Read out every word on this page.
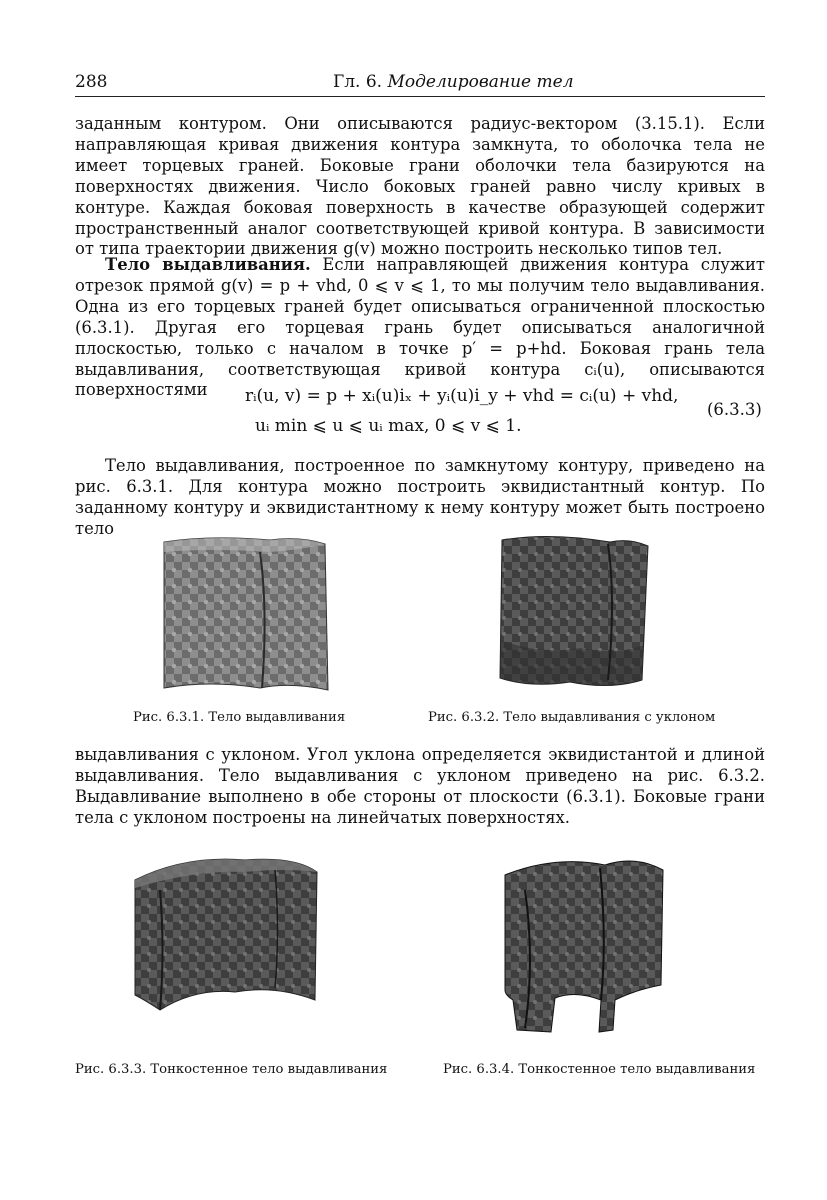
288	Гл. 6. Моделирование тел

заданным контуром. Они описываются радиус-вектором (3.15.1). Если направляющая кривая движения контура замкнута, то оболочка тела не имеет торцевых граней. Боковые грани оболочки тела базируются на поверхностях движения. Число боковых граней равно числу кривых в контуре. Каждая боковая поверхность в качестве образующей содержит пространственный аналог соответствующей кривой контура. В зависимости от типа траектории движения g(v) можно построить несколько типов тел.

Тело выдавливания. Если направляющей движения контура служит отрезок прямой g(v) = p + vhd, 0 ⩽ v ⩽ 1, то мы получим тело выдавливания. Одна из его торцевых граней будет описываться ограниченной плоскостью (6.3.1). Другая его торцевая грань будет описываться аналогичной плоскостью, только с началом в точке p′ = p+hd. Боковая грань тела выдавливания, соответствующая кривой контура cᵢ(u), описываются поверхностями	rᵢ(u, v) = p + xᵢ(u)iₓ + yᵢ(u)i_y + vhd = cᵢ(u) + vhd,
uᵢ min ⩽ u ⩽ uᵢ max, 0 ⩽ v ⩽ 1.
(6.3.3)

Тело выдавливания, построенное по замкнутому контуру, приведено на рис. 6.3.1. Для контура можно построить эквидистантный контур. По заданному контуру и эквидистантному к нему контуру может быть построено тело

Рис. 6.3.1. Тело выдавливания	Рис. 6.3.2. Тело выдавливания с уклоном

выдавливания с уклоном. Угол уклона определяется эквидистантой и длиной выдавливания. Тело выдавливания с уклоном приведено на рис. 6.3.2. Выдавливание выполнено в обе стороны от плоскости (6.3.1). Боковые грани тела с уклоном построены на линейчатых поверхностях.

Рис. 6.3.3. Тонкостенное тело выдавливания	Рис. 6.3.4. Тонкостенное тело выдавливания
